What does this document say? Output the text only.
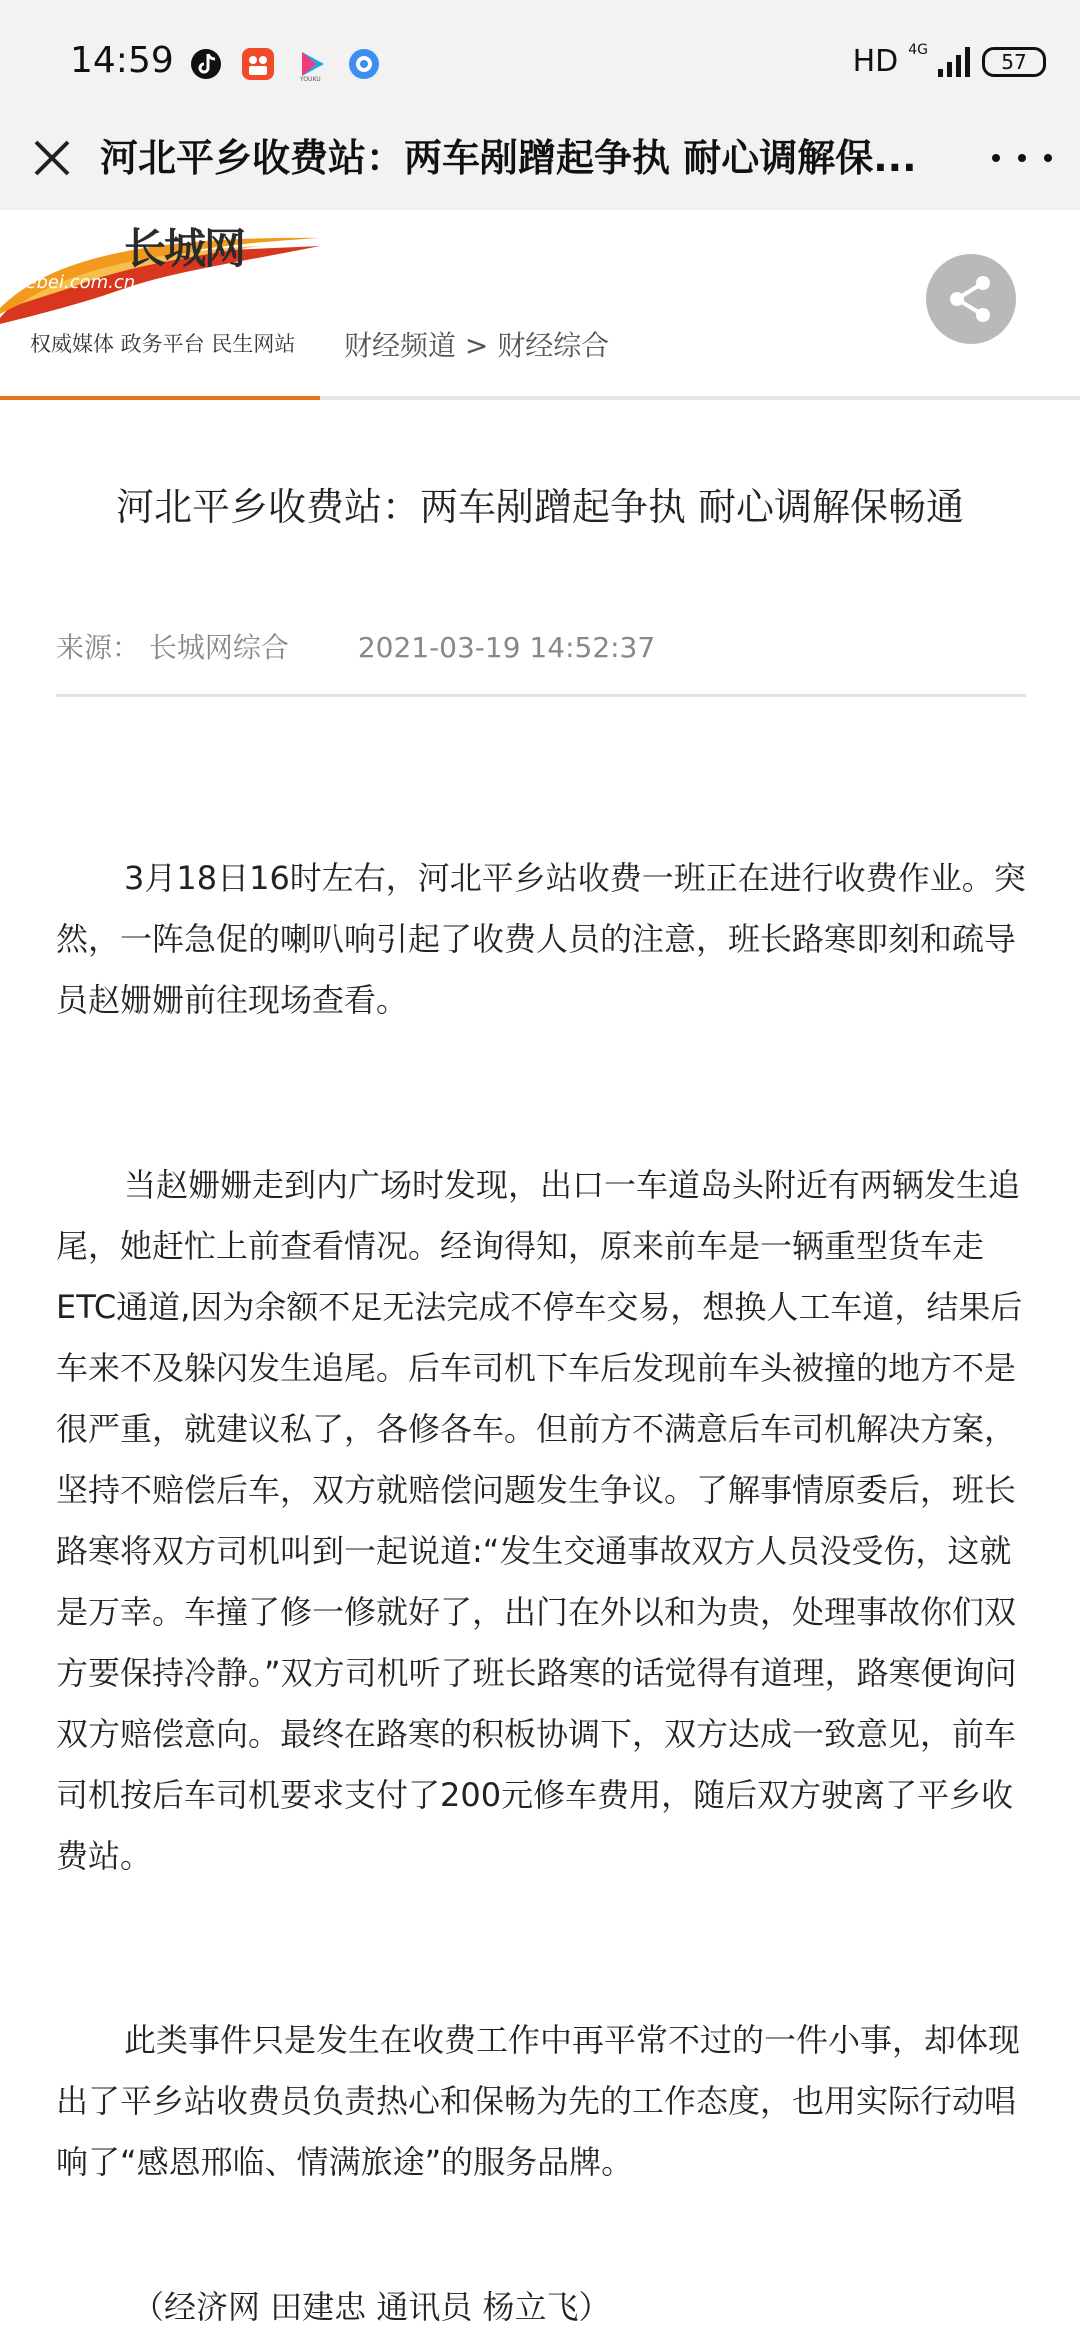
14:59	YOUKU
HD 4G	57
河北平乡收费站：两车剐蹭起争执 耐心调解保...
长城网
hebei.com.cn
权威媒体 政务平台 民生网站 财经频道 > 财经综合
河北平乡收费站：两车剐蹭起争执 耐心调解保畅通
来源： 长城网综合 2021-03-19 14:52:37

3月18日16时左右，河北平乡站收费一班正在进行收费作业。突然，一阵急促的喇叭响引起了收费人员的注意，班长路寒即刻和疏导员赵姗姗前往现场查看。

当赵姗姗走到内广场时发现，出口一车道岛头附近有两辆发生追尾，她赶忙上前查看情况。经询得知，原来前车是一辆重型货车走ETC通道,因为余额不足无法完成不停车交易，想换人工车道，结果后车来不及躲闪发生追尾。后车司机下车后发现前车头被撞的地方不是很严重，就建议私了，各修各车。但前方不满意后车司机解决方案，坚持不赔偿后车，双方就赔偿问题发生争议。了解事情原委后，班长路寒将双方司机叫到一起说道:“发生交通事故双方人员没受伤，这就是万幸。车撞了修一修就好了，出门在外以和为贵，处理事故你们双方要保持冷静。”双方司机听了班长路寒的话觉得有道理，路寒便询问双方赔偿意向。最终在路寒的积板协调下，双方达成一致意见，前车司机按后车司机要求支付了200元修车费用，随后双方驶离了平乡收费站。

此类事件只是发生在收费工作中再平常不过的一件小事，却体现出了平乡站收费员负责热心和保畅为先的工作态度，也用实际行动唱响了“感恩邢临、情满旅途”的服务品牌。

（经济网 田建忠 通讯员 杨立飞）
